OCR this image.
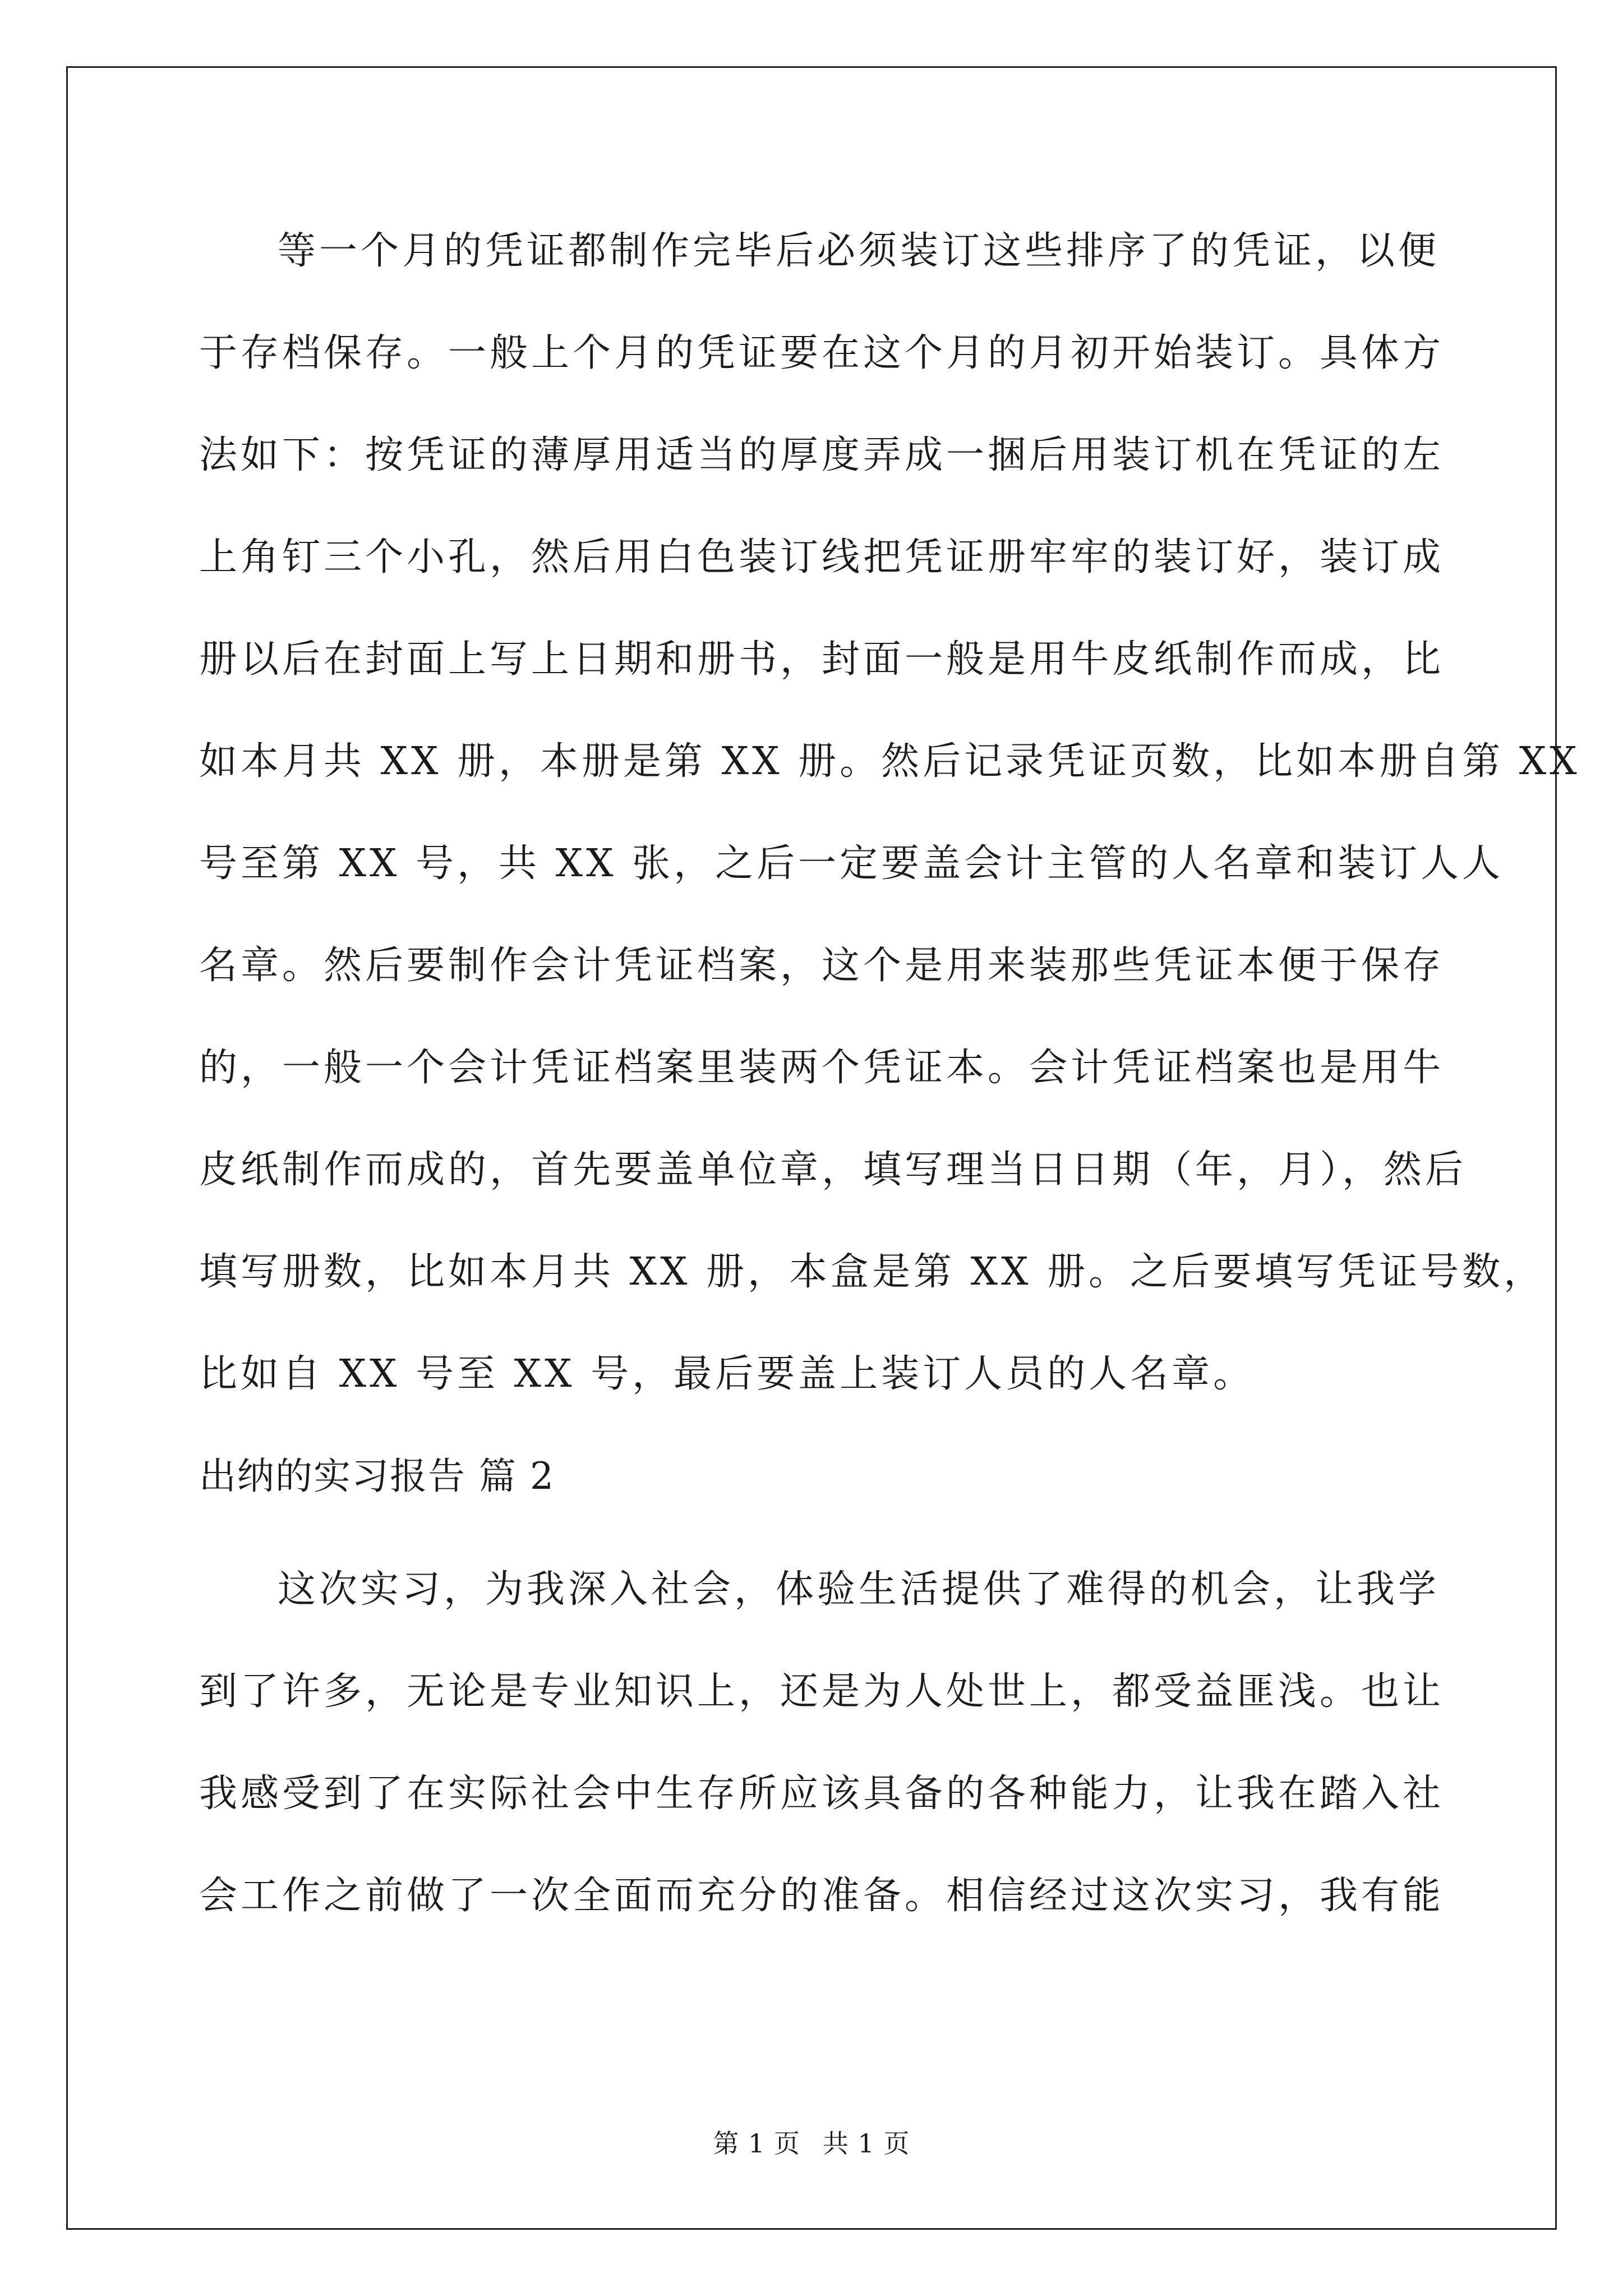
等一个月的凭证都制作完毕后必须装订这些排序了的凭证，以便
于存档保存。一般上个月的凭证要在这个月的月初开始装订。具体方
法如下：按凭证的薄厚用适当的厚度弄成一捆后用装订机在凭证的左
上角钉三个小孔，然后用白色装订线把凭证册牢牢的装订好，装订成
册以后在封面上写上日期和册书，封面一般是用牛皮纸制作而成，比
如本月共 XX 册，本册是第 XX 册。然后记录凭证页数，比如本册自第 XX
号至第 XX 号，共 XX 张，之后一定要盖会计主管的人名章和装订人人
名章。然后要制作会计凭证档案，这个是用来装那些凭证本便于保存
的，一般一个会计凭证档案里装两个凭证本。会计凭证档案也是用牛
皮纸制作而成的，首先要盖单位章，填写理当日日期（年，月），然后
填写册数，比如本月共 XX 册，本盒是第 XX 册。之后要填写凭证号数，
比如自 XX 号至 XX 号，最后要盖上装订人员的人名章。
出纳的实习报告 篇 2
这次实习，为我深入社会，体验生活提供了难得的机会，让我学
到了许多，无论是专业知识上，还是为人处世上，都受益匪浅。也让
我感受到了在实际社会中生存所应该具备的各种能力，让我在踏入社
会工作之前做了一次全面而充分的准备。相信经过这次实习，我有能
第 1 页 共 1 页
